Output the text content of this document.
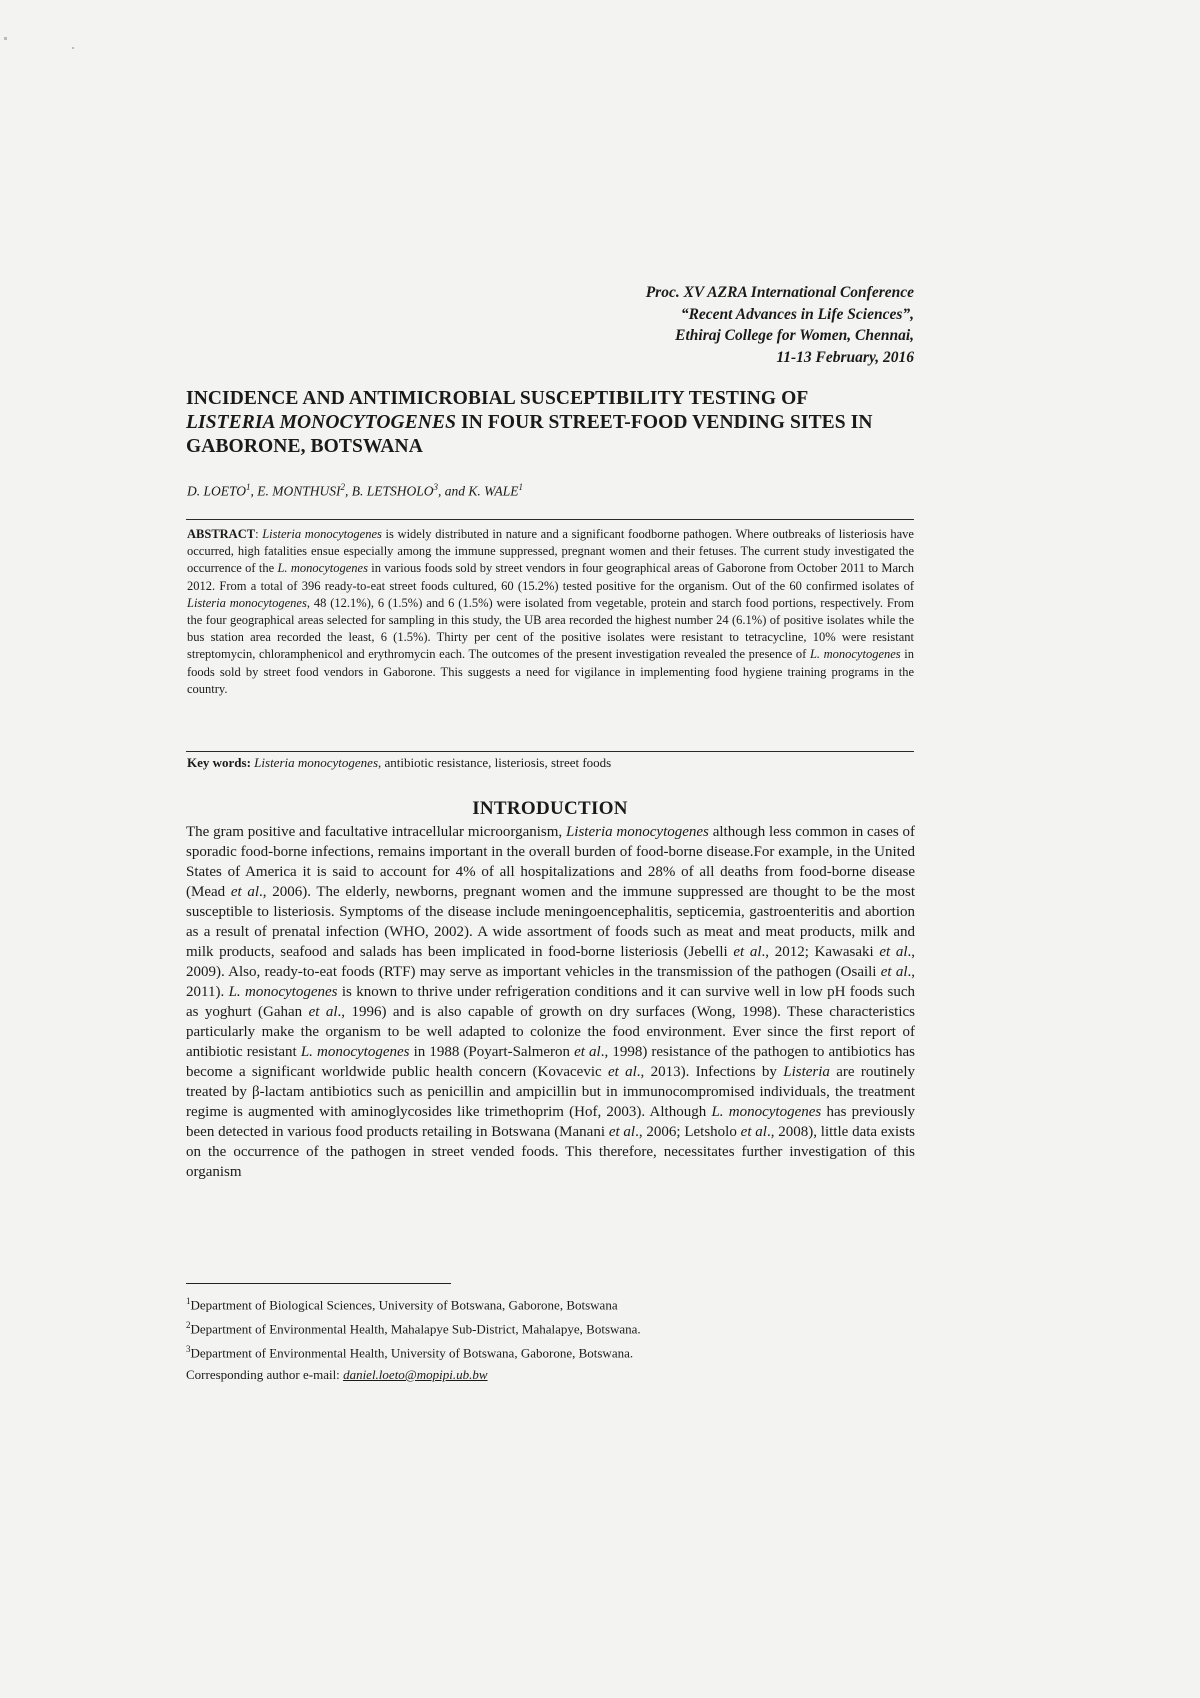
Proc. XV AZRA International Conference
“Recent Advances in Life Sciences”,
Ethiraj College for Women, Chennai,
11-13 February, 2016
INCIDENCE AND ANTIMICROBIAL SUSCEPTIBILITY TESTING OF
LISTERIA MONOCYTOGENES IN FOUR STREET-FOOD VENDING SITES IN GABORONE, BOTSWANA
D. LOETO$^1$, E. MONTHUSI$^2$, B. LETSHOLO$^3$, and K. WALE$^1$
ABSTRACT: Listeria monocytogenes is widely distributed in nature and a significant foodborne pathogen. Where outbreaks of listeriosis have occurred, high fatalities ensue especially among the immune suppressed, pregnant women and their fetuses. The current study investigated the occurrence of the L. monocytogenes in various foods sold by street vendors in four geographical areas of Gaborone from October 2011 to March 2012. From a total of 396 ready-to-eat street foods cultured, 60 (15.2%) tested positive for the organism. Out of the 60 confirmed isolates of Listeria monocytogenes, 48 (12.1%), 6 (1.5%) and 6 (1.5%) were isolated from vegetable, protein and starch food portions, respectively. From the four geographical areas selected for sampling in this study, the UB area recorded the highest number 24 (6.1%) of positive isolates while the bus station area recorded the least, 6 (1.5%). Thirty per cent of the positive isolates were resistant to tetracycline, 10% were resistant streptomycin, chloramphenicol and erythromycin each. The outcomes of the present investigation revealed the presence of L. monocytogenes in foods sold by street food vendors in Gaborone. This suggests a need for vigilance in implementing food hygiene training programs in the country.
Key words: Listeria monocytogenes, antibiotic resistance, listeriosis, street foods
INTRODUCTION
The gram positive and facultative intracellular microorganism, Listeria monocytogenes although less common in cases of sporadic food-borne infections, remains important in the overall burden of food-borne disease.For example, in the United States of America it is said to account for 4% of all hospitalizations and 28% of all deaths from food-borne disease (Mead et al., 2006). The elderly, newborns, pregnant women and the immune suppressed are thought to be the most susceptible to listeriosis. Symptoms of the disease include meningoencephalitis, septicemia, gastroenteritis and abortion as a result of prenatal infection (WHO, 2002). A wide assortment of foods such as meat and meat products, milk and milk products, seafood and salads has been implicated in food-borne listeriosis (Jebelli et al., 2012; Kawasaki et al., 2009). Also, ready-to-eat foods (RTF) may serve as important vehicles in the transmission of the pathogen (Osaili et al., 2011). L. monocytogenes is known to thrive under refrigeration conditions and it can survive well in low pH foods such as yoghurt (Gahan et al., 1996) and is also capable of growth on dry surfaces (Wong, 1998). These characteristics particularly make the organism to be well adapted to colonize the food environment. Ever since the first report of antibiotic resistant L. monocytogenes in 1988 (Poyart-Salmeron et al., 1998) resistance of the pathogen to antibiotics has become a significant worldwide public health concern (Kovacevic et al., 2013). Infections by Listeria are routinely treated by β-lactam antibiotics such as penicillin and ampicillin but in immunocompromised individuals, the treatment regime is augmented with aminoglycosides like trimethoprim (Hof, 2003). Although L. monocytogenes has previously been detected in various food products retailing in Botswana (Manani et al., 2006; Letsholo et al., 2008), little data exists on the occurrence of the pathogen in street vended foods. This therefore, necessitates further investigation of this organism
$^1$Department of Biological Sciences, University of Botswana, Gaborone, Botswana
$^2$Department of Environmental Health, Mahalapye Sub-District, Mahalapye, Botswana.
$^3$Department of Environmental Health, University of Botswana, Gaborone, Botswana.
Corresponding author e-mail: daniel.loeto@mopipi.ub.bw
